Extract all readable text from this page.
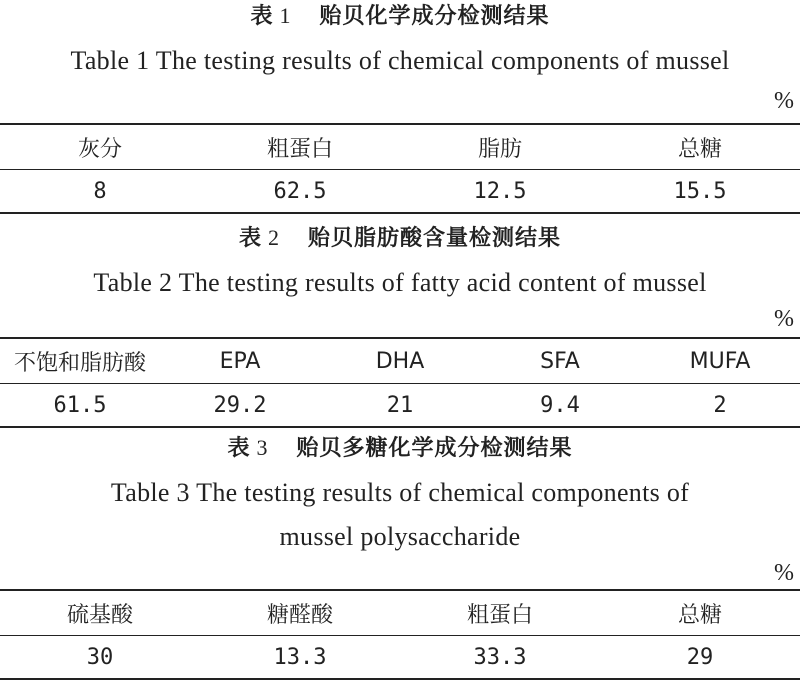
表 1 贻贝化学成分检测结果
Table 1 The testing results of chemical components of mussel
%
灰分	粗蛋白	脂肪	总糖
8	62.5	12.5	15.5
表 2 贻贝脂肪酸含量检测结果
Table 2 The testing results of fatty acid content of mussel
%
不饱和脂肪酸	EPA	DHA	SFA	MUFA
61.5	29.2	21	9.4	2
表 3 贻贝多糖化学成分检测结果
Table 3 The testing results of chemical components of
mussel polysaccharide
%
硫基酸	糖醛酸	粗蛋白	总糖
30	13.3	33.3	29
